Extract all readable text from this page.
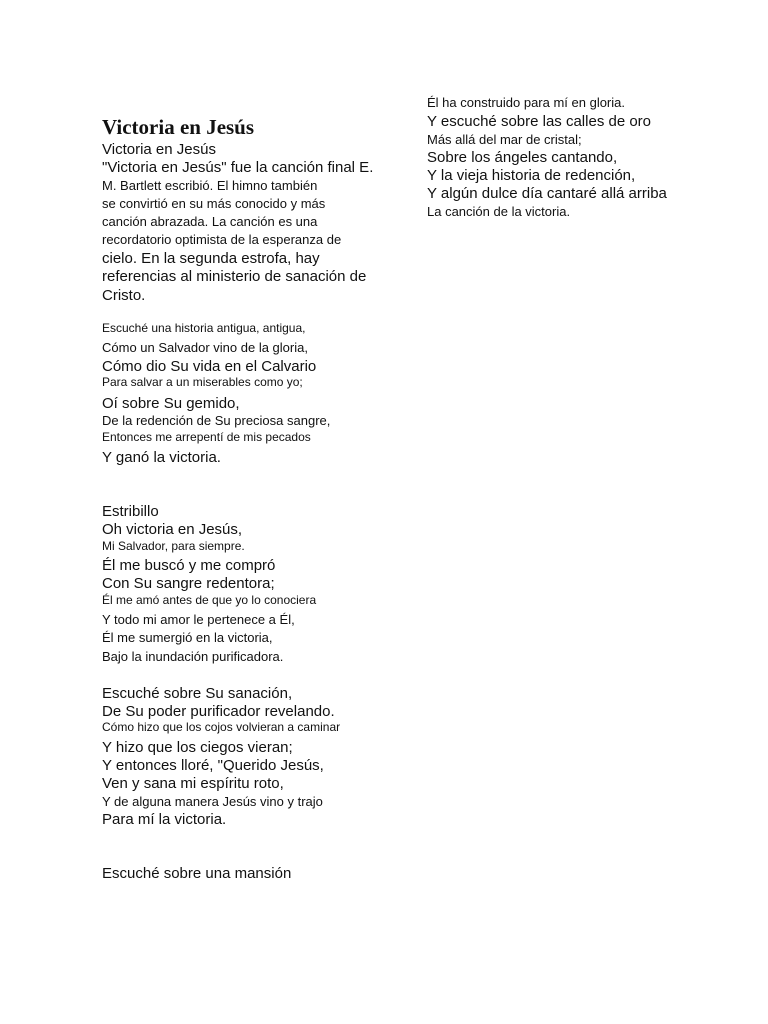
Victoria en Jesús

Victoria en Jesús

"Victoria en Jesús" fue la canción final E.

M. Bartlett escribió. El himno también

se convirtió en su más conocido y más

canción abrazada. La canción es una

recordatorio optimista de la esperanza de

cielo. En la segunda estrofa, hay

referencias al ministerio de sanación de

Cristo.

Escuché una historia antigua, antigua,

Cómo un Salvador vino de la gloria,

Cómo dio Su vida en el Calvario

Para salvar a un miserables como yo;

Oí sobre Su gemido,

De la redención de Su preciosa sangre,

Entonces me arrepentí de mis pecados

Y ganó la victoria.

Estribillo

Oh victoria en Jesús,

Mi Salvador, para siempre.

Él me buscó y me compró

Con Su sangre redentora;

Él me amó antes de que yo lo conociera

Y todo mi amor le pertenece a Él,

Él me sumergió en la victoria,

Bajo la inundación purificadora.

Escuché sobre Su sanación,

De Su poder purificador revelando.

Cómo hizo que los cojos volvieran a caminar

Y hizo que los ciegos vieran;

Y entonces lloré, "Querido Jesús,

Ven y sana mi espíritu roto,

Y de alguna manera Jesús vino y trajo

Para mí la victoria.

Escuché sobre una mansión

Él ha construido para mí en gloria.

Y escuché sobre las calles de oro

Más allá del mar de cristal;

Sobre los ángeles cantando,

Y la vieja historia de redención,

Y algún dulce día cantaré allá arriba

La canción de la victoria.
